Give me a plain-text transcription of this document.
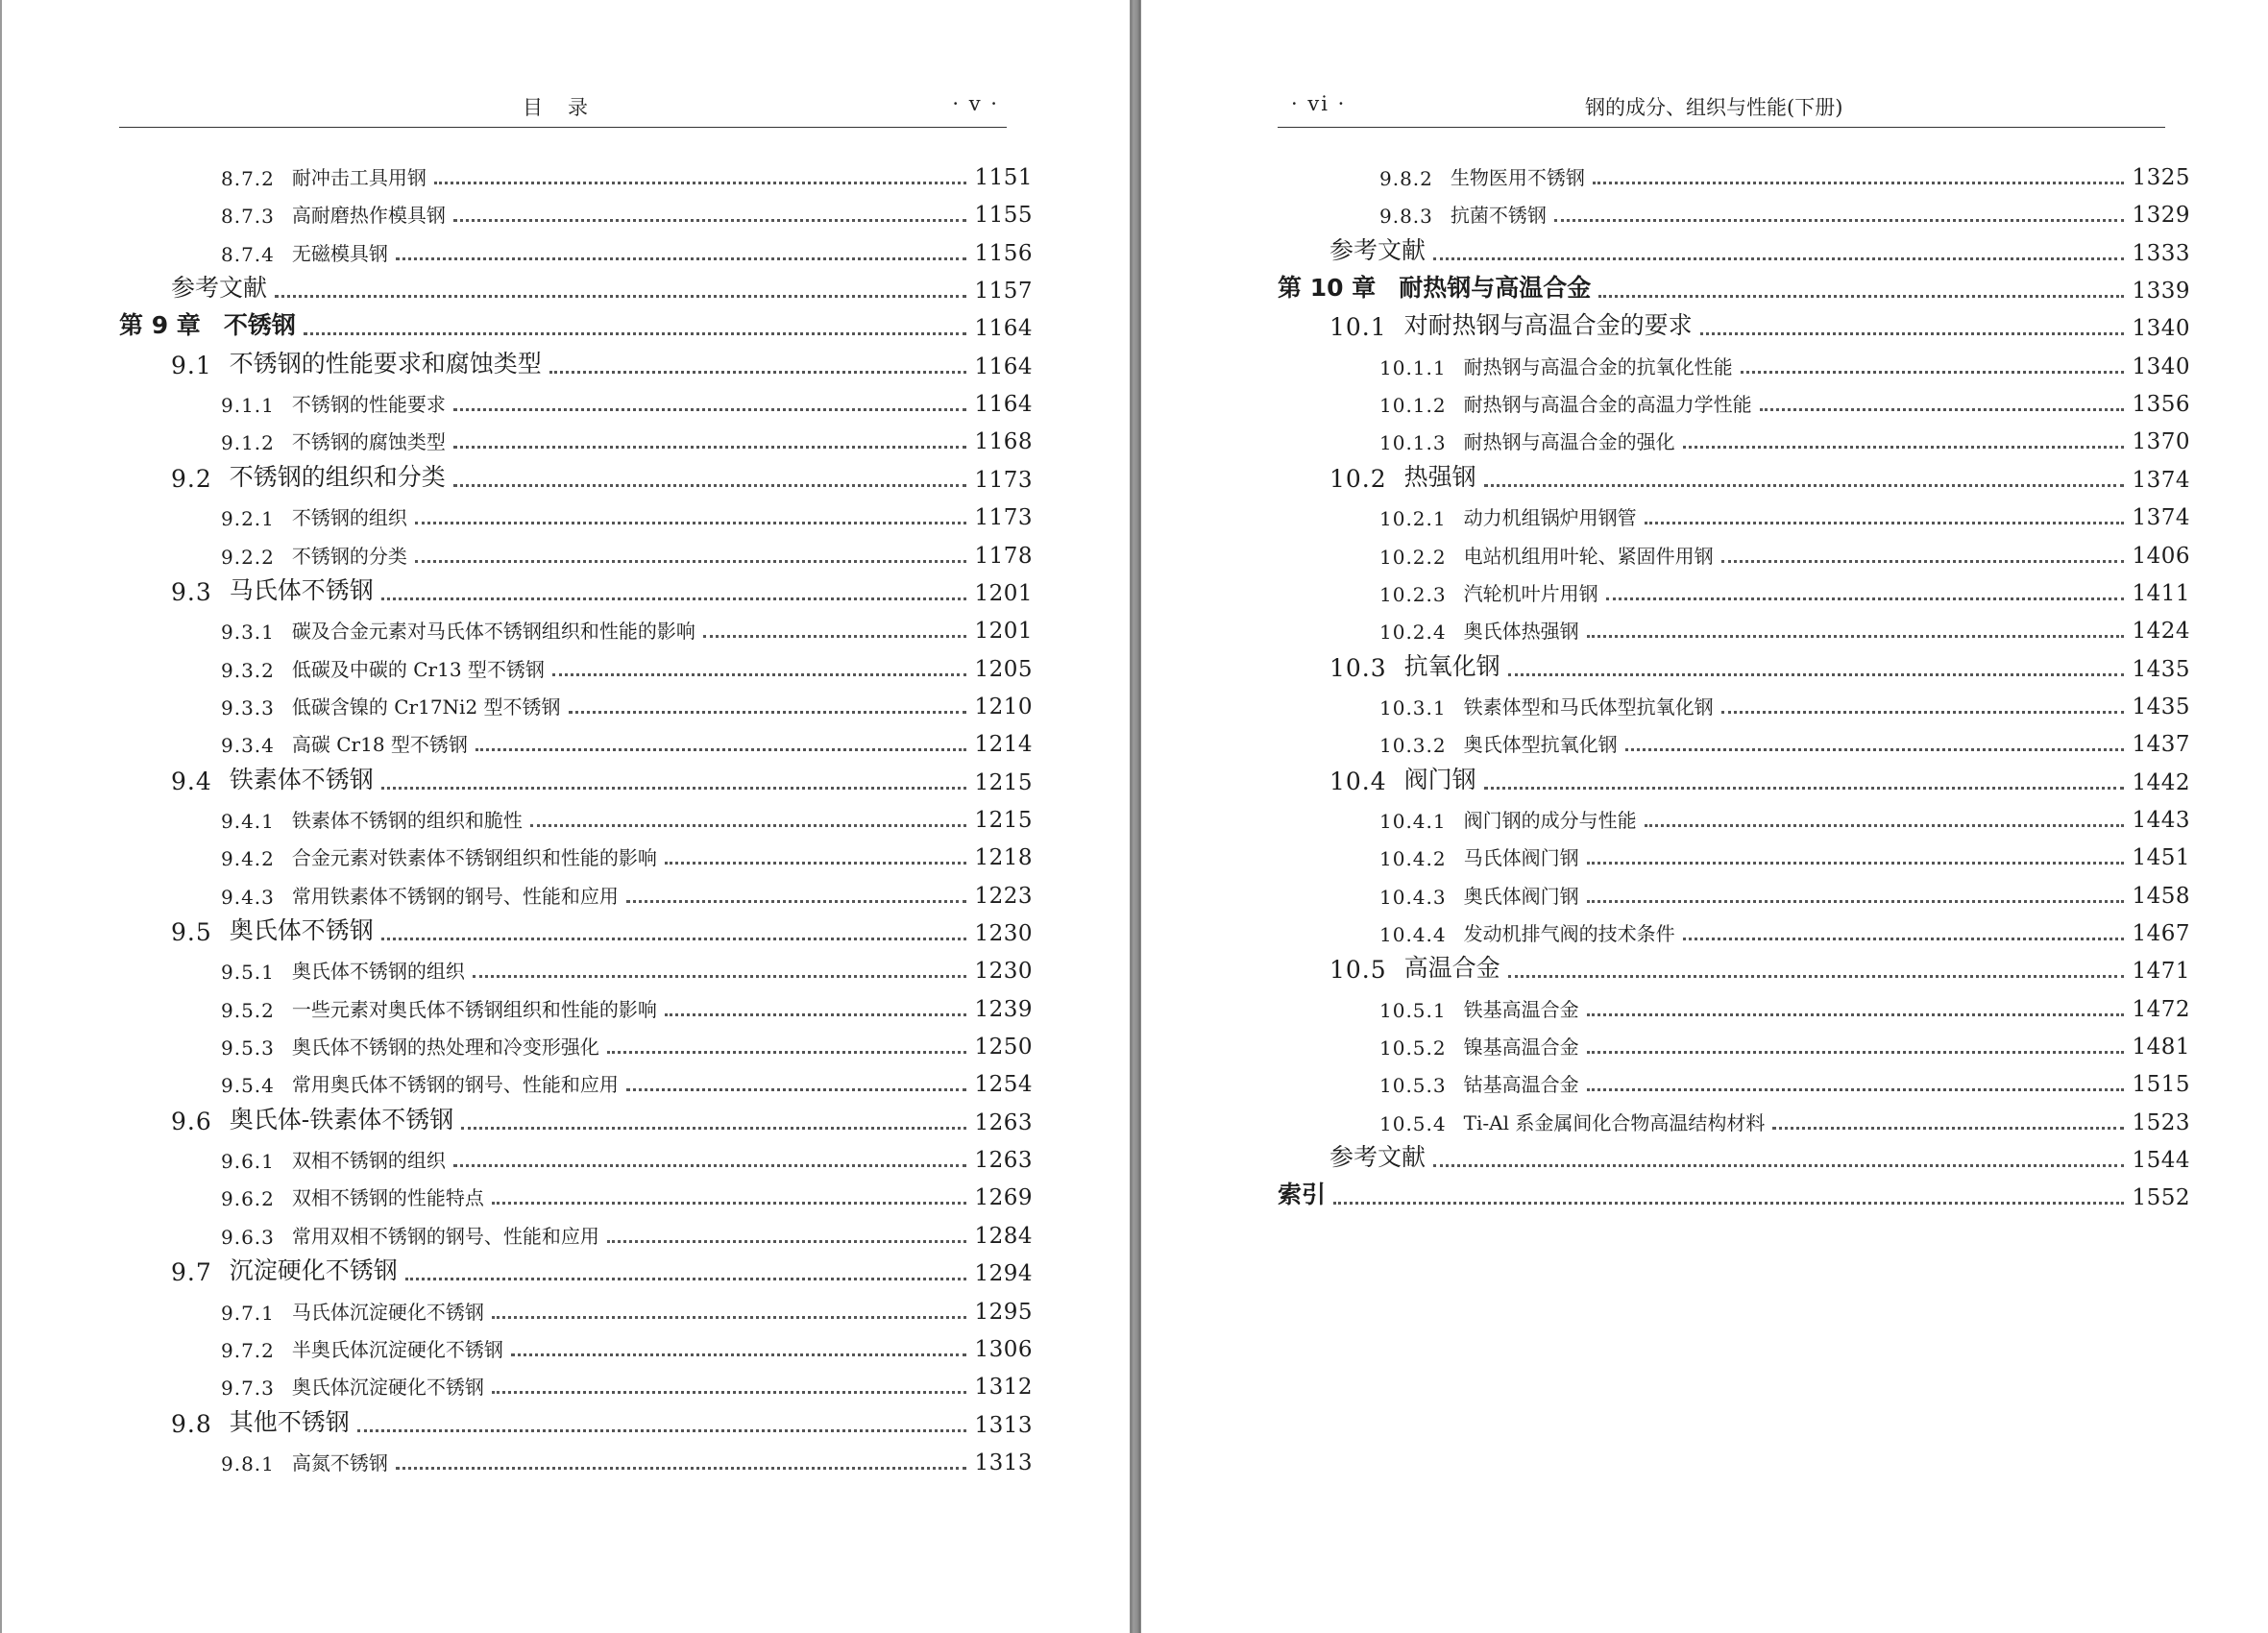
目录	· v ·
8.7.2 耐冲击工具用钢	1151
8.7.3 高耐磨热作模具钢	1155
8.7.4 无磁模具钢	1156
参考文献	1157
第 9 章 不锈钢	1164
9.1 不锈钢的性能要求和腐蚀类型	1164
9.1.1 不锈钢的性能要求	1164
9.1.2 不锈钢的腐蚀类型	1168
9.2 不锈钢的组织和分类	1173
9.2.1 不锈钢的组织	1173
9.2.2 不锈钢的分类	1178
9.3 马氏体不锈钢	1201
9.3.1 碳及合金元素对马氏体不锈钢组织和性能的影响	1201
9.3.2 低碳及中碳的 Cr13 型不锈钢	1205
9.3.3 低碳含镍的 Cr17Ni2 型不锈钢	1210
9.3.4 高碳 Cr18 型不锈钢	1214
9.4 铁素体不锈钢	1215
9.4.1 铁素体不锈钢的组织和脆性	1215
9.4.2 合金元素对铁素体不锈钢组织和性能的影响	1218
9.4.3 常用铁素体不锈钢的钢号、性能和应用	1223
9.5 奥氏体不锈钢	1230
9.5.1 奥氏体不锈钢的组织	1230
9.5.2 一些元素对奥氏体不锈钢组织和性能的影响	1239
9.5.3 奥氏体不锈钢的热处理和冷变形强化	1250
9.5.4 常用奥氏体不锈钢的钢号、性能和应用	1254
9.6 奥氏体-铁素体不锈钢	1263
9.6.1 双相不锈钢的组织	1263
9.6.2 双相不锈钢的性能特点	1269
9.6.3 常用双相不锈钢的钢号、性能和应用	1284
9.7 沉淀硬化不锈钢	1294
9.7.1 马氏体沉淀硬化不锈钢	1295
9.7.2 半奥氏体沉淀硬化不锈钢	1306
9.7.3 奥氏体沉淀硬化不锈钢	1312
9.8 其他不锈钢	1313
9.8.1 高氮不锈钢	1313
· vi ·	钢的成分、组织与性能(下册)
9.8.2 生物医用不锈钢	1325
9.8.3 抗菌不锈钢	1329
参考文献	1333
第 10 章 耐热钢与高温合金	1339
10.1 对耐热钢与高温合金的要求	1340
10.1.1 耐热钢与高温合金的抗氧化性能	1340
10.1.2 耐热钢与高温合金的高温力学性能	1356
10.1.3 耐热钢与高温合金的强化	1370
10.2 热强钢	1374
10.2.1 动力机组锅炉用钢管	1374
10.2.2 电站机组用叶轮、紧固件用钢	1406
10.2.3 汽轮机叶片用钢	1411
10.2.4 奥氏体热强钢	1424
10.3 抗氧化钢	1435
10.3.1 铁素体型和马氏体型抗氧化钢	1435
10.3.2 奥氏体型抗氧化钢	1437
10.4 阀门钢	1442
10.4.1 阀门钢的成分与性能	1443
10.4.2 马氏体阀门钢	1451
10.4.3 奥氏体阀门钢	1458
10.4.4 发动机排气阀的技术条件	1467
10.5 高温合金	1471
10.5.1 铁基高温合金	1472
10.5.2 镍基高温合金	1481
10.5.3 钴基高温合金	1515
10.5.4 Ti-Al 系金属间化合物高温结构材料	1523
参考文献	1544
索引	1552
